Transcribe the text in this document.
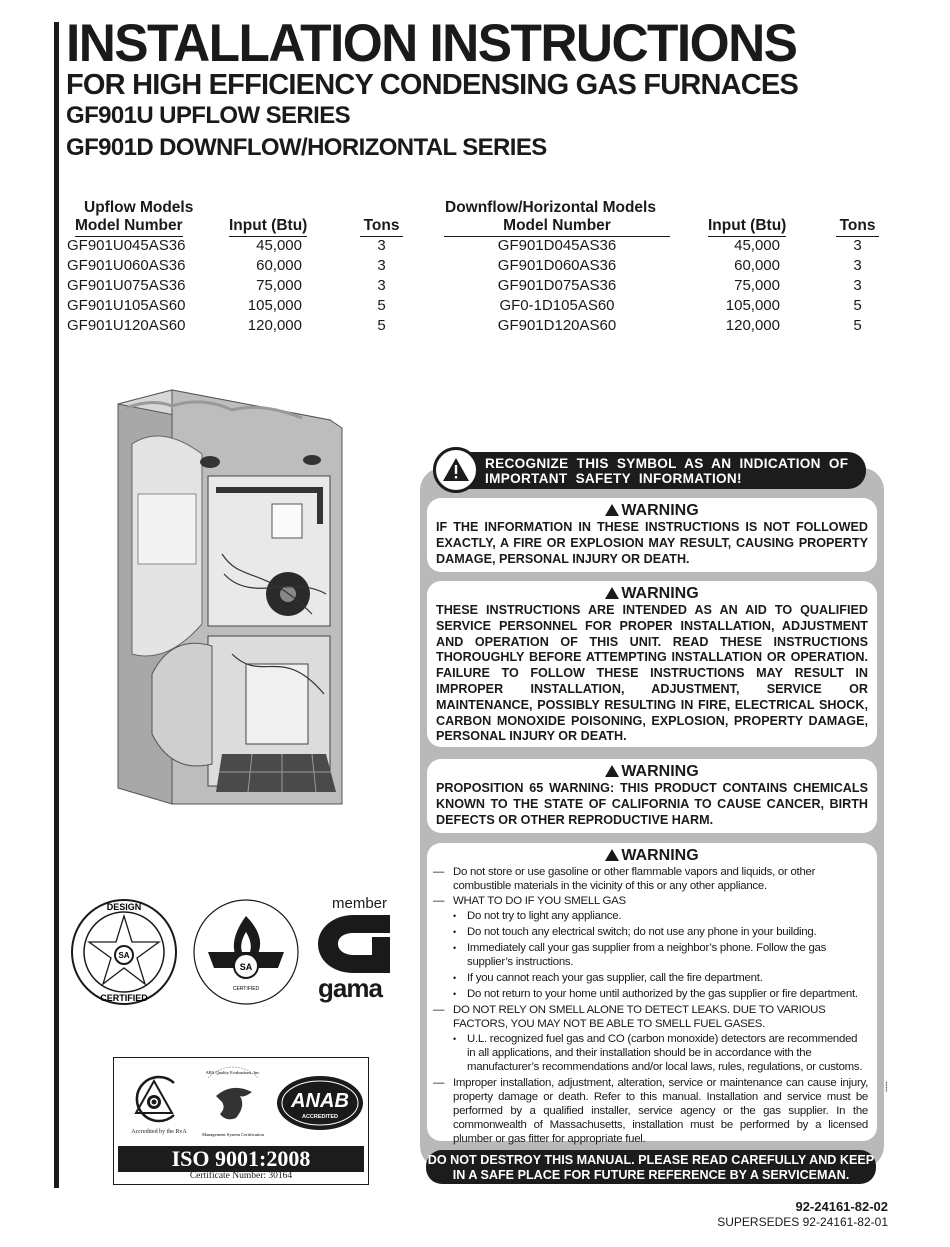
INSTALLATION INSTRUCTIONS
FOR HIGH EFFICIENCY CONDENSING GAS FURNACES
GF901U UPFLOW SERIES
GF901D DOWNFLOW/HORIZONTAL SERIES
Upflow Models
Model Number	Input (Btu)	Tons
GF901U045AS36	45,000	3
GF901U060AS36	60,000	3
GF901U075AS36	75,000	3
GF901U105AS60	105,000	5
GF901U120AS60	120,000	5
Downflow/Horizontal Models
Model Number	Input (Btu)	Tons
GF901D045AS36	45,000	3
GF901D060AS36	60,000	3
GF901D075AS36	75,000	3
GF0-1D105AS60	105,000	5
GF901D120AS60	120,000	5
RECOGNIZE THIS SYMBOL AS AN INDICATION OF
IMPORTANT SAFETY INFORMATION!
WARNING
IF THE INFORMATION IN THESE INSTRUCTIONS IS NOT FOLLOWED EXACTLY, A FIRE OR EXPLOSION MAY RESULT, CAUSING PROPERTY DAMAGE, PERSONAL INJURY OR DEATH.
WARNING
THESE INSTRUCTIONS ARE INTENDED AS AN AID TO QUALIFIED SERVICE PERSONNEL FOR PROPER INSTALLATION, ADJUSTMENT AND OPERATION OF THIS UNIT. READ THESE INSTRUCTIONS THOROUGHLY BEFORE ATTEMPTING INSTALLATION OR OPERATION. FAILURE TO FOLLOW THESE INSTRUCTIONS MAY RESULT IN IMPROPER INSTALLATION, ADJUSTMENT, SERVICE OR MAINTENANCE, POSSIBLY RESULTING IN FIRE, ELECTRICAL SHOCK, CARBON MONOXIDE POISONING, EXPLOSION, PROPERTY DAMAGE, PERSONAL INJURY OR DEATH.
WARNING
PROPOSITION 65 WARNING: THIS PRODUCT CONTAINS CHEMICALS KNOWN TO THE STATE OF CALIFORNIA TO CAUSE CANCER, BIRTH DEFECTS OR OTHER REPRODUCTIVE HARM.
WARNING
— Do not store or use gasoline or other flammable vapors and liquids, or other combustible materials in the vicinity of this or any other appliance.
— WHAT TO DO IF YOU SMELL GAS
• Do not try to light any appliance.
• Do not touch any electrical switch; do not use any phone in your building.
• Immediately call your gas supplier from a neighbor’s phone. Follow the gas supplier’s instructions.
• If you cannot reach your gas supplier, call the fire department.
• Do not return to your home until authorized by the gas supplier or fire department.
— DO NOT RELY ON SMELL ALONE TO DETECT LEAKS. DUE TO VARIOUS FACTORS, YOU MAY NOT BE ABLE TO SMELL FUEL GASES.
• U.L. recognized fuel gas and CO (carbon monoxide) detectors are recommended in all applications, and their installation should be in accordance with the manufacturer’s recommendations and/or local laws, rules, regulations, or customs.
— Improper installation, adjustment, alteration, service or maintenance can cause injury, property damage or death. Refer to this manual. Installation and service must be performed by a qualified installer, service agency or the gas supplier. In the commonwealth of Massachusetts, installation must be performed by a licensed plumber or gas fitter for appropriate fuel.
▪▪▪▪▪▪
DO NOT DESTROY THIS MANUAL. PLEASE READ CAREFULLY AND KEEP
IN A SAFE PLACE FOR FUTURE REFERENCE BY A SERVICEMAN.
SA
DESIGN
CERTIFIED
SA
CERTIFIED
member
gama
Accredited by the RvA
ABS Quality Evaluations, Inc.
Management System Certification
ANAB
ACCREDITED
ISO 9001:2008
Certificate Number: 30164
92-24161-82-02
SUPERSEDES 92-24161-82-01
